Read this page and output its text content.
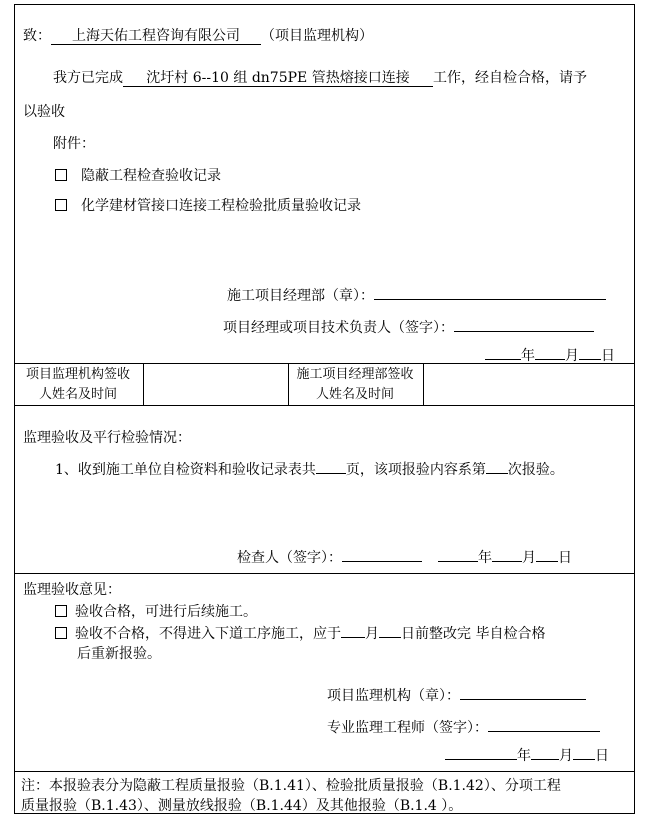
致： 上海天佑工程咨询有限公司 （项目监理机构）
我方已完成 沈圩村 6--10 组 dn75PE 管热熔接口连接 工作，经自检合格，请予
以验收
附件：
隐蔽工程检查验收记录
化学建材管接口连接工程检验批质量验收记录
施工项目经理部（章）：
项目经理或项目技术负责人（签字）：
年 月 日
项目监理机构签收人姓名及时间
施工项目经理部签收人姓名及时间
监理验收及平行检验情况：
1、收到施工单位自检资料和验收记录表共 页，该项报验内容系第 次报验。
检查人（签字）：	年 月 日
监理验收意见：
验收合格，可进行后续施工。
验收不合格，不得进入下道工序施工，应于 月 日前整改完 毕自检合格
后重新报验。
项目监理机构（章）：
专业监理工程师（签字）：
年 月 日
注：本报验表分为隐蔽工程质量报验（B.1.41）、检验批质量报验（B.1.42）、分项工程
质量报验（B.1.43）、测量放线报验（B.1.44）及其他报验（B.1.4 ）。
